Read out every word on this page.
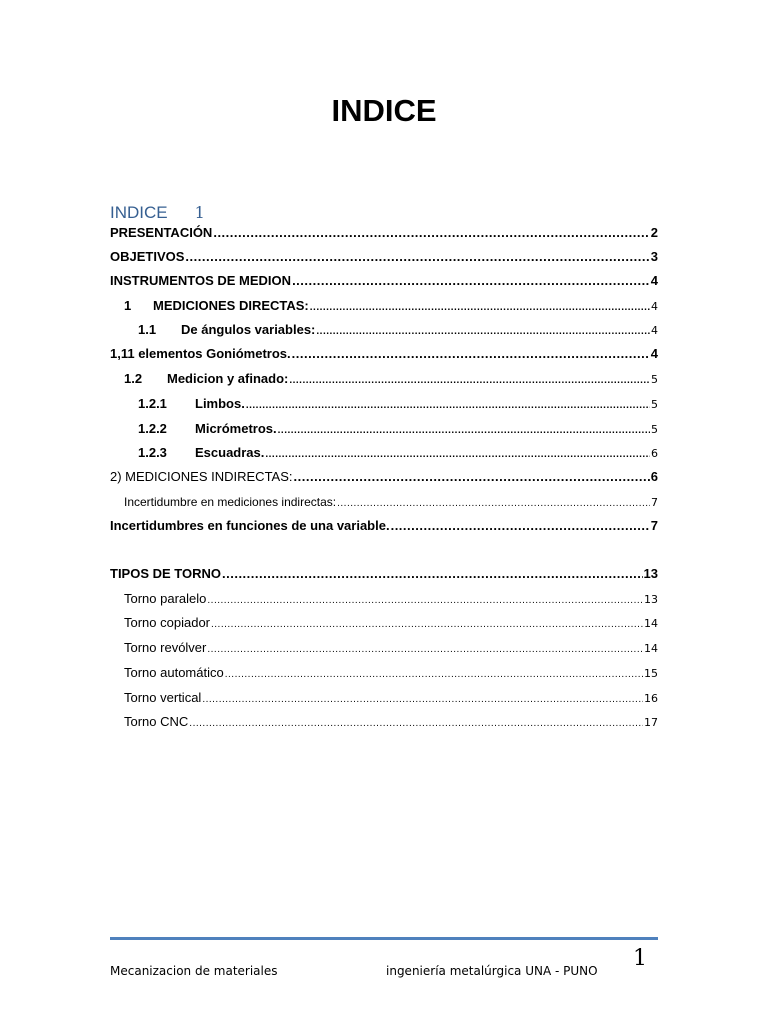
INDICE
INDICE 1
PRESENTACIÓN .....	2
OBJETIVOS .....	3
INSTRUMENTOS DE MEDION .....	4
1 MEDICIONES DIRECTAS: .....	4
1.1 De ángulos variables: .....	4
1,11 elementos Goniómetros. .....	4
1.2 Medicion y afinado: .....	5
1.2.1 Limbos. .....	5
1.2.2 Micrómetros. .....	5
1.2.3 Escuadras. .....	6
2) MEDICIONES INDIRECTAS: .....	6
Incertidumbre en mediciones indirectas: .....	7
Incertidumbres en funciones de una variable. .....	7
TIPOS DE TORNO .....	13
Torno paralelo .....	13
Torno copiador .....	14
Torno revólver .....	14
Torno automático .....	15
Torno vertical .....	16
Torno CNC .....	17
Mecanizacion de materiales	ingeniería metalúrgica UNA - PUNO 1
